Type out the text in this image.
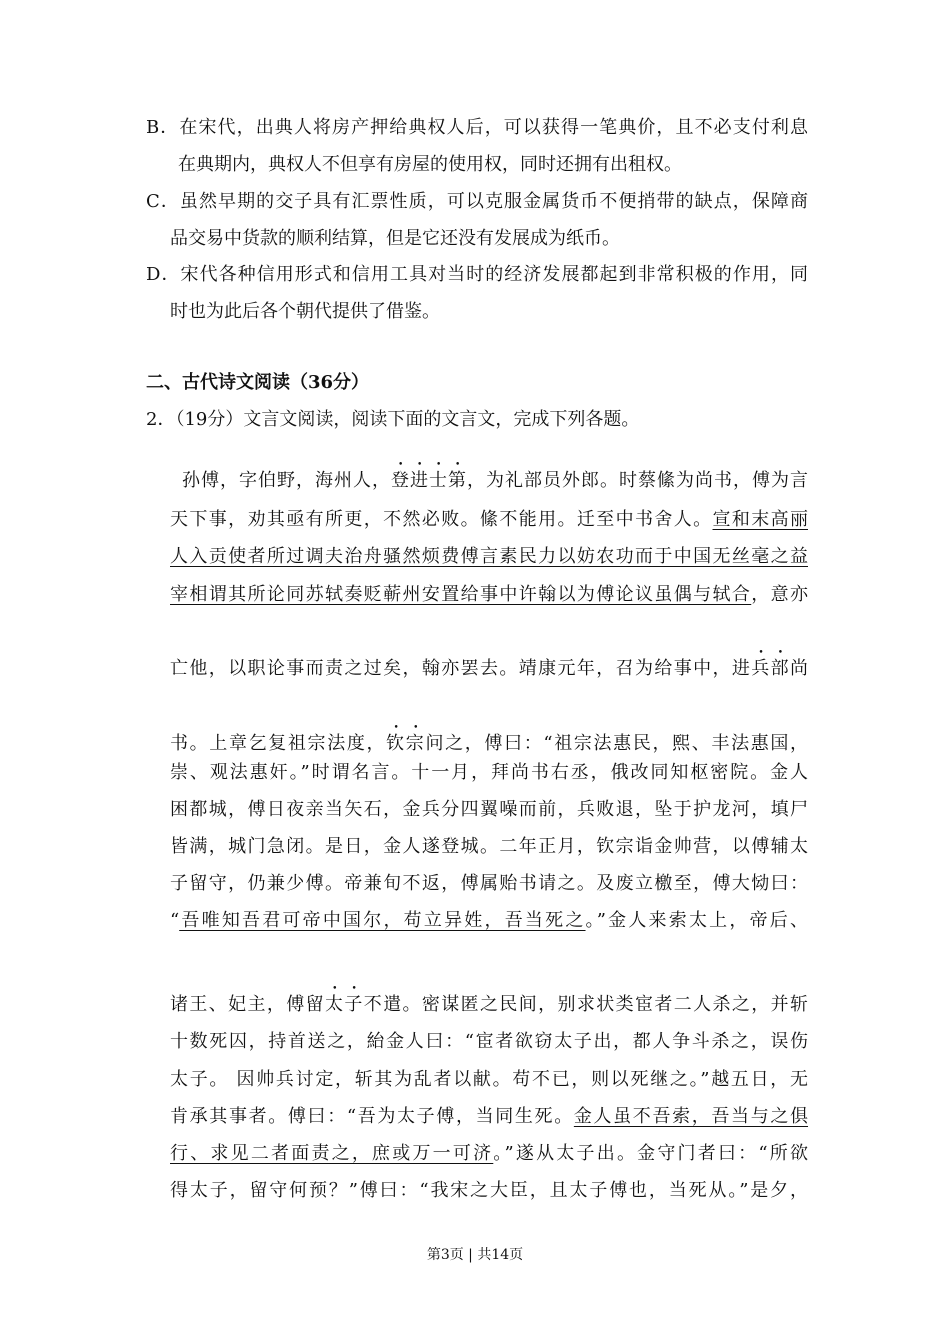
B．在宋代，出典人将房产押给典权人后，可以获得一笔典价，且不必支付利息
在典期内，典权人不但享有房屋的使用权，同时还拥有出租权。
C．虽然早期的交子具有汇票性质，可以克服金属货币不便捎带的缺点，保障商
品交易中货款的顺利结算，但是它还没有发展成为纸币。
D．宋代各种信用形式和信用工具对当时的经济发展都起到非常积极的作用，同
时也为此后各个朝代提供了借鉴。
二、古代诗文阅读（36分）
2．（19分）文言文阅读，阅读下面的文言文，完成下列各题。
孙傅，字伯野，海州人，登进士第，为礼部员外郎。时蔡絛为尚书，傅为言
天下事，劝其亟有所更，不然必败。絛不能用。迁至中书舍人。宣和末高丽
人入贡使者所过调夫治舟骚然烦费傅言素民力以妨农功而于中国无丝毫之益
宰相谓其所论同苏轼奏贬蕲州安置给事中许翰以为傅论议虽偶与轼合，意亦
亡他，以职论事而责之过矣，翰亦罢去。靖康元年，召为给事中，进兵部尚
书。上章乞复祖宗法度，钦宗问之，傅曰：“祖宗法惠民，熙、丰法惠国，
崇、观法惠奸。”时谓名言。十一月，拜尚书右丞，俄改同知枢密院。金人
困都城，傅日夜亲当矢石，金兵分四翼噪而前，兵败退，坠于护龙河，填尸
皆满，城门急闭。是日，金人遂登城。二年正月，钦宗诣金帅营，以傅辅太
子留守，仍兼少傅。帝兼旬不返，傅属贻书请之。及废立檄至，傅大恸曰：
“吾唯知吾君可帝中国尔，苟立异姓，吾当死之。”金人来索太上，帝后、
诸王、妃主，傅留太子不遣。密谋匿之民间，别求状类宦者二人杀之，并斩
十数死囚，持首送之，紿金人曰：“宦者欲窃太子出，都人争斗杀之，误伤
太子。 因帅兵讨定，斩其为乱者以献。苟不已，则以死继之。”越五日，无
肯承其事者。傅曰：“吾为太子傅，当同生死。金人虽不吾索，吾当与之俱
行、求见二者面责之，庶或万一可济。”遂从太子出。金守门者曰：“所欲
得太子，留守何预？”傅曰：“我宋之大臣，且太子傅也，当死从。”是夕，
第3页 | 共14页
